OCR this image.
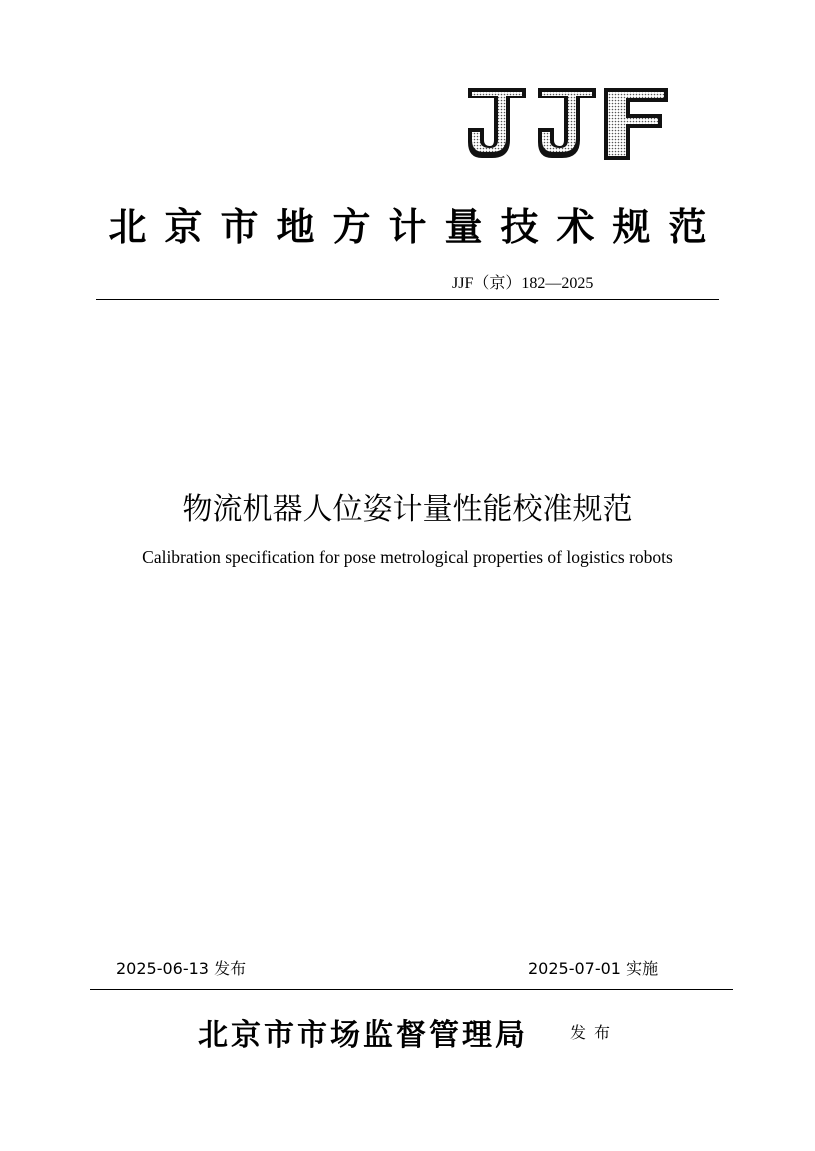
北京市地方计量技术规范
JJF（京）182—2025
物流机器人位姿计量性能校准规范
Calibration specification for pose metrological properties of logistics robots
2025-06-13 发布	2025-07-01 实施
北京市市场监督管理局	发布
